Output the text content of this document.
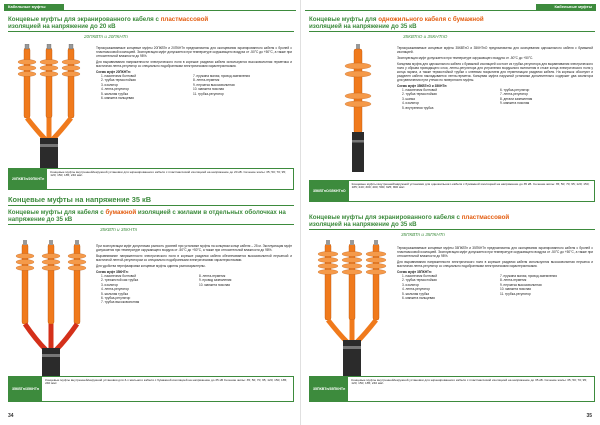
Кабельные муфты
Концевые муфты для экранированного кабеля с пластмассовой
изоляцией на напряжение до 20 кВ
20ПКВТп и 20ПКНТп

Термоусаживаемые концевые муфты 20ПКВТп и 20ПКНТп предназначены для оконцевания экранированного кабеля с броней с пластмассовой изоляцией. Эксплуатация муфт допускается при температуре окружающего воздуха от -50°C до +50°C, а также при относительной влажности до 98%.

Для выравнивания напряженности электрического поля в корешке разделки кабеля используются высоковольтная герметика и мастичная лента-регулятор со специально подобранными электрическими характеристиками.

Схема муфт 20ПКНТп:
1. наконечник болтовой
2. трубка термостойкая
3. изолятор
4. лента-регулятор
5. жильная трубка
6. манжета пальцевая
7. пружина малая, провод заземления
8. лента-герметик
9. перчатка высоковольтная
10. манжета поясная
11. трубка-регулятор
20ПКВТп/20ПКНТп
Концевые муфты внутренней/наружной установки для экранированного кабеля с пластмассовой изоляцией на напряжение до 20 кВ. Сечение жилы: 35; 50; 70; 95; 120; 150; 185; 240 мм².
Концевые муфты на напряжение 35 кВ
Концевые муфты для кабеля с бумажной изоляцией с жилами в отдельных оболочках на напряжение до 35 кВ
35КВТп и 35КНТп

При эксплуатации муфт допустимая разность уровней при установке муфты на концевом конце кабеля – 25 м. Эксплуатация муфт допускается при температуре окружающего воздуха от -50°C до +50°C, а также при относительной влажности до 98%.

Выравнивание напряженности электрического поля в корешке разделки кабеля обеспечивается высоковольтной перчаткой и мастичной лентой-регулятором со специально подобранными электрическими характеристиками.

Для удобства перефазировки концевые муфты одинны разнохарактерны.

Схема муфт 35КНТп:
1. наконечник болтовой
2. трехжестой кая трубка
3. изолятор
4. лента-регулятор
5. жильная трубка
6. трубка-регулятор
7. трубка высоковольтная
8. лента-герметик
9. провод заземления
10. манжета поясная
35КВТп/35КНТп
Концевые муфты внутренней/наружной установки для 3-х жильного кабеля с бумажной изоляцией на напряжение до 35 кВ Сечение жилы: 35; 50; 70; 95; 120; 150; 185; 240 мм².
34
Кабельные муфты
Концевые муфты для одножильного кабеля с бумажной
изоляцией на напряжение до 35 кВ
35КВТпО и 35КНТпО

Термоусаживаемые концевые муфты 35КВТпО и 35КНТпО предназначены для оконцевания одножильного кабеля с бумажной изоляцией.

Эксплуатация муфт допускается при температуре окружающего воздуха от -50°C до +50°C.

Концевая муфта для одножильного кабеля с бумажной изоляцией состоит из трубки-регулятора для выравнивания электрического поля у обрыва проводящего слоя, ленты-регулятора для устранения воздушного включения в стыке конца электрического поля у конца экрана, а также термостойкой трубки с клеевым покрытием для герметизации разделки кабеля. На корешок обоснуют и разделен кабеля накладывается лента-герметик. Концевая муфта наружной установки дополнительно содержит два изолятора для увеличения пути утечки по поверхности муфты.

Схема муфт 35КВТпО и 35КНТп:
1. наконечник болтовой
2. трубка термостойкая
3. шапка
4. изолятор
5. внутренняя трубка
6. трубка-регулятор
7. лента-регулятор
8. детали заземления
9. манжета поясная
35КВТпО/35КНТпО
Концевые муфты внутренней/наружной установки для одножильного кабеля с бумажной изоляцией на напряжение до 35 кВ. Сечение жилы: 35; 50; 70; 95; 120; 150; 185; 240; 300; 400; 500; 625; 800 мм².
Концевые муфты для экранированного кабеля с пластмассовой
изоляцией на напряжение до 35 кВ
35ПКВТп и 35ПКНТп

Термоусаживаемые концевые муфты 35ПКВТп и 35ПКНТп предназначены для оконцевания экранированного кабеля с броней с пластмассовой изоляцией. Эксплуатация муфт допускается при температуре окружающего воздуха от -50°C до +50°C, а также при относительной влажности до 98%.

Для выравнивания напряженности электрического поля в корешке разделки кабеля используются высоковольтная перчатка и мастичная лента-регулятор со специально подобранными электрическими характеристиками.

Схема муфт 35ПКНТп:
1. наконечник болтовой
2. трубка термостойкая
3. изолятор
4. лента-регулятор
5. жильная трубка
6. манжета пальцевая
7. пружина малая, провод заземления
8. лента-герметик
9. перчатка высоковольтная
10. манжета поясная
11. трубка-регулятор
35ПКВТп/35ПКНТп
Концевые муфты внутренней/наружной установки для экранированного кабеля с пластмассовой изоляцией на напряжение до 35 кВ. Сечение жилы: 35; 50; 70; 95; 120; 150; 185; 240 мм².
35
